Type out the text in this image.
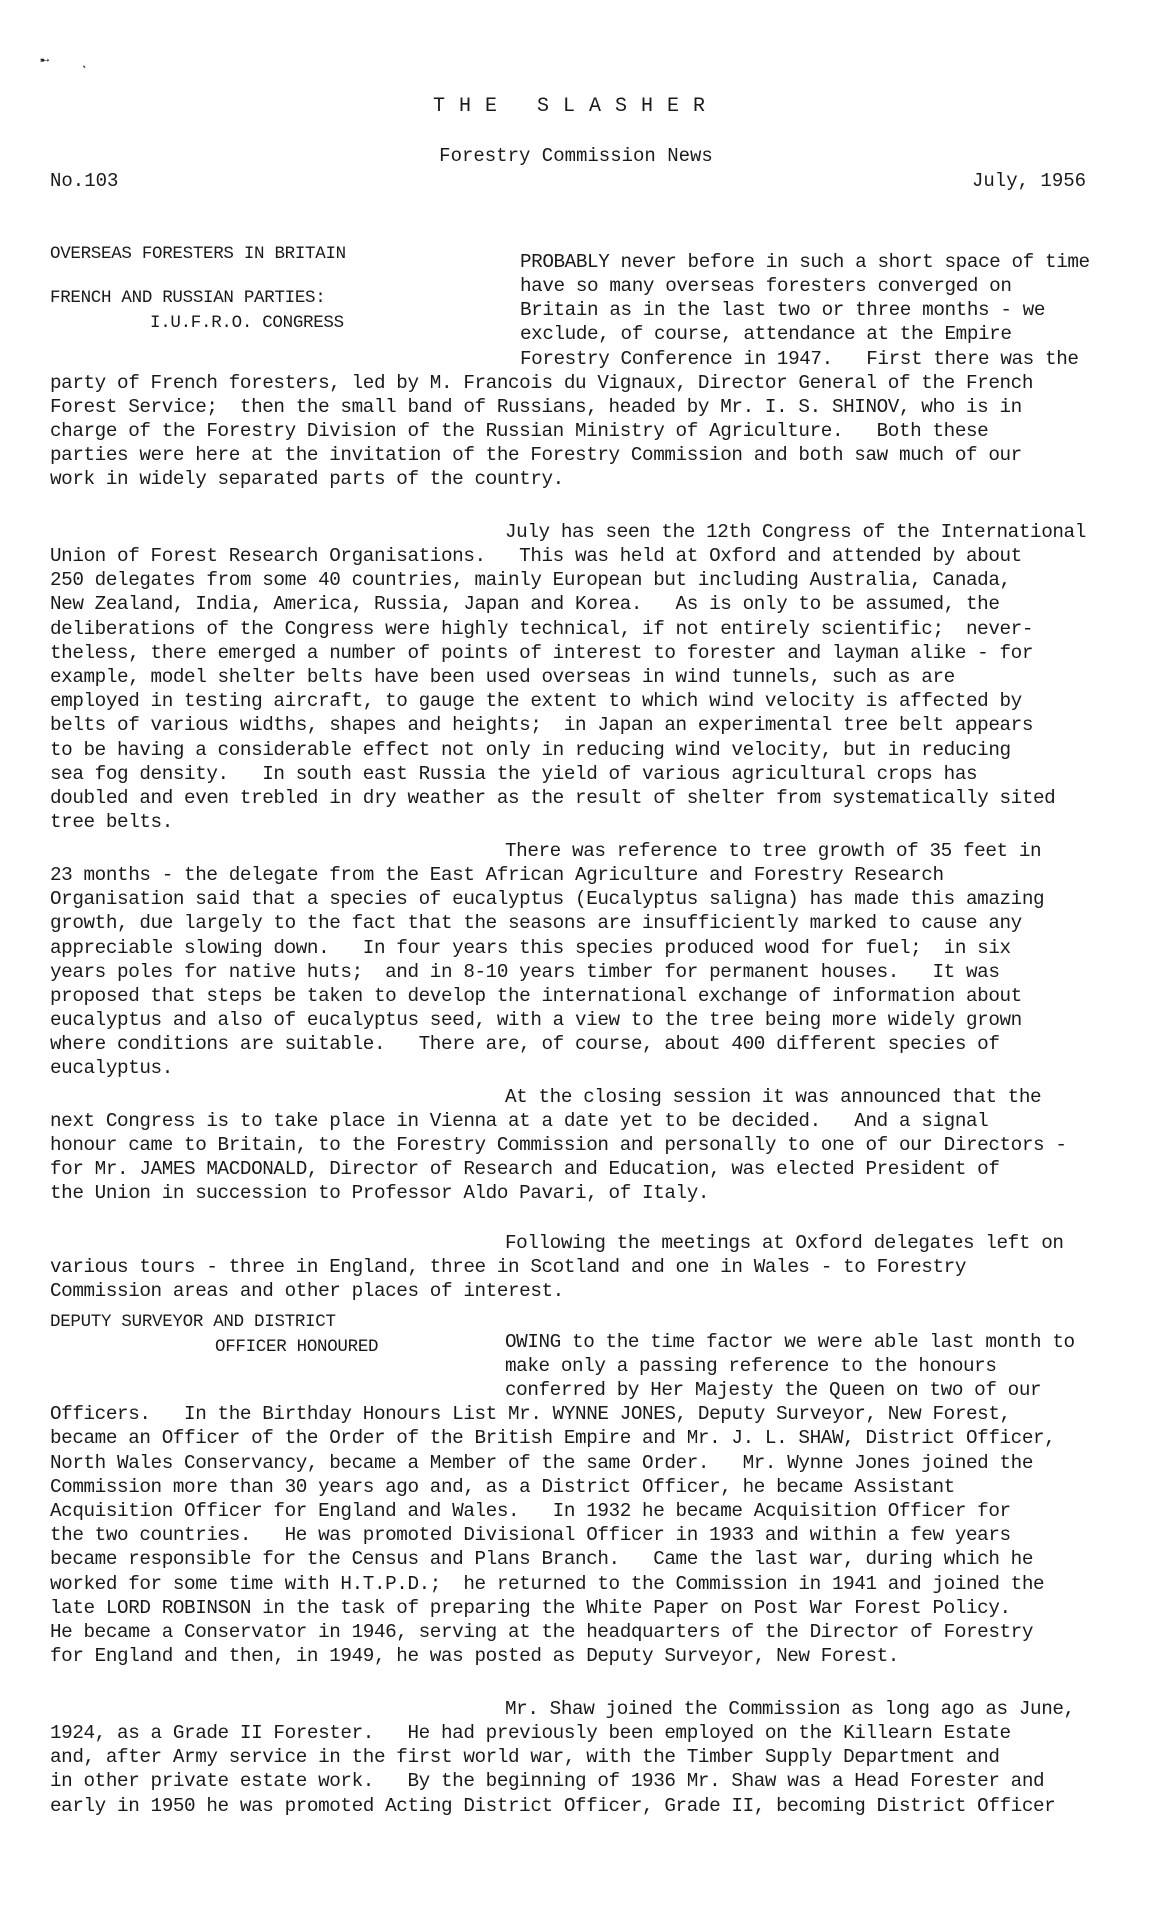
➸ ˎ
THE SLASHER
Forestry Commission News
No.103	July, 1956
OVERSEAS FORESTERS IN BRITAIN
FRENCH AND RUSSIAN PARTIES:
I.U.F.R.O. CONGRESS
DEPUTY SURVEYOR AND DISTRICT
OFFICER HONOURED
PROBABLY never before in such a short space of time
have so many overseas foresters converged on
Britain as in the last two or three months - we
exclude, of course, attendance at the Empire
Forestry Conference in 1947.   First there was the
party of French foresters, led by M. Francois du Vignaux, Director General of the French
Forest Service;  then the small band of Russians, headed by Mr. I. S. SHINOV, who is in
charge of the Forestry Division of the Russian Ministry of Agriculture.   Both these
parties were here at the invitation of the Forestry Commission and both saw much of our
work in widely separated parts of the country.
July has seen the 12th Congress of the International
Union of Forest Research Organisations.   This was held at Oxford and attended by about
250 delegates from some 40 countries, mainly European but including Australia, Canada,
New Zealand, India, America, Russia, Japan and Korea.   As is only to be assumed, the
deliberations of the Congress were highly technical, if not entirely scientific;  never-
theless, there emerged a number of points of interest to forester and layman alike - for
example, model shelter belts have been used overseas in wind tunnels, such as are
employed in testing aircraft, to gauge the extent to which wind velocity is affected by
belts of various widths, shapes and heights;  in Japan an experimental tree belt appears
to be having a considerable effect not only in reducing wind velocity, but in reducing
sea fog density.   In south east Russia the yield of various agricultural crops has
doubled and even trebled in dry weather as the result of shelter from systematically sited
tree belts.
There was reference to tree growth of 35 feet in
23 months - the delegate from the East African Agriculture and Forestry Research
Organisation said that a species of eucalyptus (Eucalyptus saligna) has made this amazing
growth, due largely to the fact that the seasons are insufficiently marked to cause any
appreciable slowing down.   In four years this species produced wood for fuel;  in six
years poles for native huts;  and in 8-10 years timber for permanent houses.   It was
proposed that steps be taken to develop the international exchange of information about
eucalyptus and also of eucalyptus seed, with a view to the tree being more widely grown
where conditions are suitable.   There are, of course, about 400 different species of
eucalyptus.
At the closing session it was announced that the
next Congress is to take place in Vienna at a date yet to be decided.   And a signal
honour came to Britain, to the Forestry Commission and personally to one of our Directors -
for Mr. JAMES MACDONALD, Director of Research and Education, was elected President of
the Union in succession to Professor Aldo Pavari, of Italy.
Following the meetings at Oxford delegates left on
various tours - three in England, three in Scotland and one in Wales - to Forestry
Commission areas and other places of interest.
OWING to the time factor we were able last month to
make only a passing reference to the honours
conferred by Her Majesty the Queen on two of our
Officers.   In the Birthday Honours List Mr. WYNNE JONES, Deputy Surveyor, New Forest,
became an Officer of the Order of the British Empire and Mr. J. L. SHAW, District Officer,
North Wales Conservancy, became a Member of the same Order.   Mr. Wynne Jones joined the
Commission more than 30 years ago and, as a District Officer, he became Assistant
Acquisition Officer for England and Wales.   In 1932 he became Acquisition Officer for
the two countries.   He was promoted Divisional Officer in 1933 and within a few years
became responsible for the Census and Plans Branch.   Came the last war, during which he
worked for some time with H.T.P.D.;  he returned to the Commission in 1941 and joined the
late LORD ROBINSON in the task of preparing the White Paper on Post War Forest Policy.
He became a Conservator in 1946, serving at the headquarters of the Director of Forestry
for England and then, in 1949, he was posted as Deputy Surveyor, New Forest.
Mr. Shaw joined the Commission as long ago as June,
1924, as a Grade II Forester.   He had previously been employed on the Killearn Estate
and, after Army service in the first world war, with the Timber Supply Department and
in other private estate work.   By the beginning of 1936 Mr. Shaw was a Head Forester and
early in 1950 he was promoted Acting District Officer, Grade II, becoming District Officer
